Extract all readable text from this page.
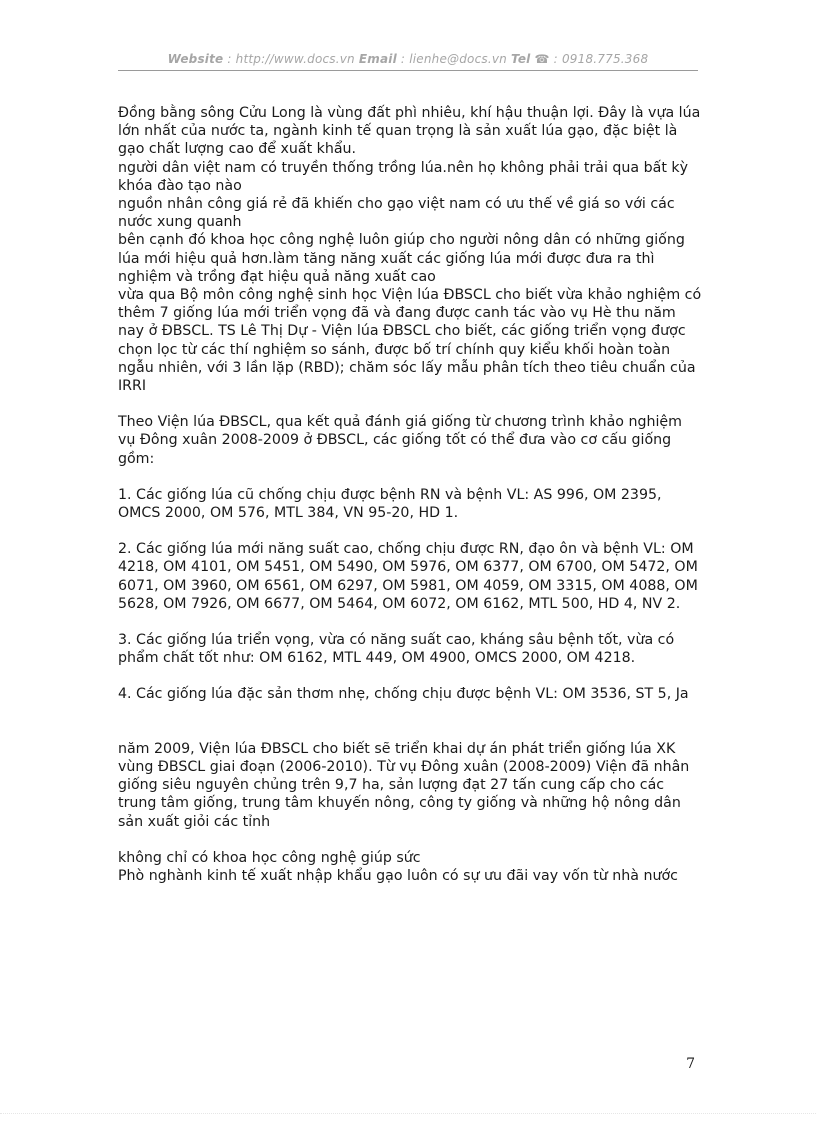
Website : http://www.docs.vn Email : lienhe@docs.vn Tel ☎ : 0918.775.368

Đồng bằng sông Cửu Long là vùng đất phì nhiêu, khí hậu thuận lợi. Đây là vựa lúa lớn nhất của nước ta, ngành kinh tế quan trọng là sản xuất lúa gạo, đặc biệt là gạo chất lượng cao để xuất khẩu.

người dân việt nam có truyền thống trồng lúa.nên họ không phải trải qua bất kỳ khóa đào tạo nào

nguồn nhân công giá rẻ đã khiến cho gạo việt nam có ưu thế về giá so với các nước xung quanh

bên cạnh đó khoa học công nghệ luôn giúp cho người nông dân có những giống lúa mới hiệu quả hơn.làm tăng năng xuất các giống lúa mới được đưa ra thì nghiệm và trồng đạt hiệu quả năng xuất cao

vừa qua Bộ môn công nghệ sinh học Viện lúa ĐBSCL cho biết vừa khảo nghiệm có thêm 7 giống lúa mới triển vọng đã và đang được canh tác vào vụ Hè thu năm nay ở ĐBSCL. TS Lê Thị Dự - Viện lúa ĐBSCL cho biết, các giống triển vọng được chọn lọc từ các thí nghiệm so sánh, được bố trí chính quy kiểu khối hoàn toàn ngẫu nhiên, với 3 lần lặp (RBD); chăm sóc lấy mẫu phân tích theo tiêu chuẩn của IRRI

Theo Viện lúa ĐBSCL, qua kết quả đánh giá giống từ chương trình khảo nghiệm vụ Đông xuân 2008-2009 ở ĐBSCL, các giống tốt có thể đưa vào cơ cấu giống gồm:

1. Các giống lúa cũ chống chịu được bệnh RN và bệnh VL: AS 996, OM 2395, OMCS 2000, OM 576, MTL 384, VN 95-20, HD 1.

2. Các giống lúa mới năng suất cao, chống chịu được RN, đạo ôn và bệnh VL: OM 4218, OM 4101, OM 5451, OM 5490, OM 5976, OM 6377, OM 6700, OM 5472, OM 6071, OM 3960, OM 6561, OM 6297, OM 5981, OM 4059, OM 3315, OM 4088, OM 5628, OM 7926, OM 6677, OM 5464, OM 6072, OM 6162, MTL 500, HD 4, NV 2.

3. Các giống lúa triển vọng, vừa có năng suất cao, kháng sâu bệnh tốt, vừa có phẩm chất tốt như: OM 6162, MTL 449, OM 4900, OMCS 2000, OM 4218.

4. Các giống lúa đặc sản thơm nhẹ, chống chịu được bệnh VL: OM 3536, ST 5, Ja

năm 2009, Viện lúa ĐBSCL cho biết sẽ triển khai dự án phát triển giống lúa XK vùng ĐBSCL giai đoạn (2006-2010). Từ vụ Đông xuân (2008-2009) Viện đã nhân giống siêu nguyên chủng trên 9,7 ha, sản lượng đạt 27 tấn cung cấp cho các trung tâm giống, trung tâm khuyến nông, công ty giống và những hộ nông dân sản xuất giỏi các tỉnh

không chỉ có khoa học công nghệ giúp sức

Phò nghành kinh tế xuất nhập khẩu gạo luôn có sự ưu đãi vay vốn từ nhà nước

7
